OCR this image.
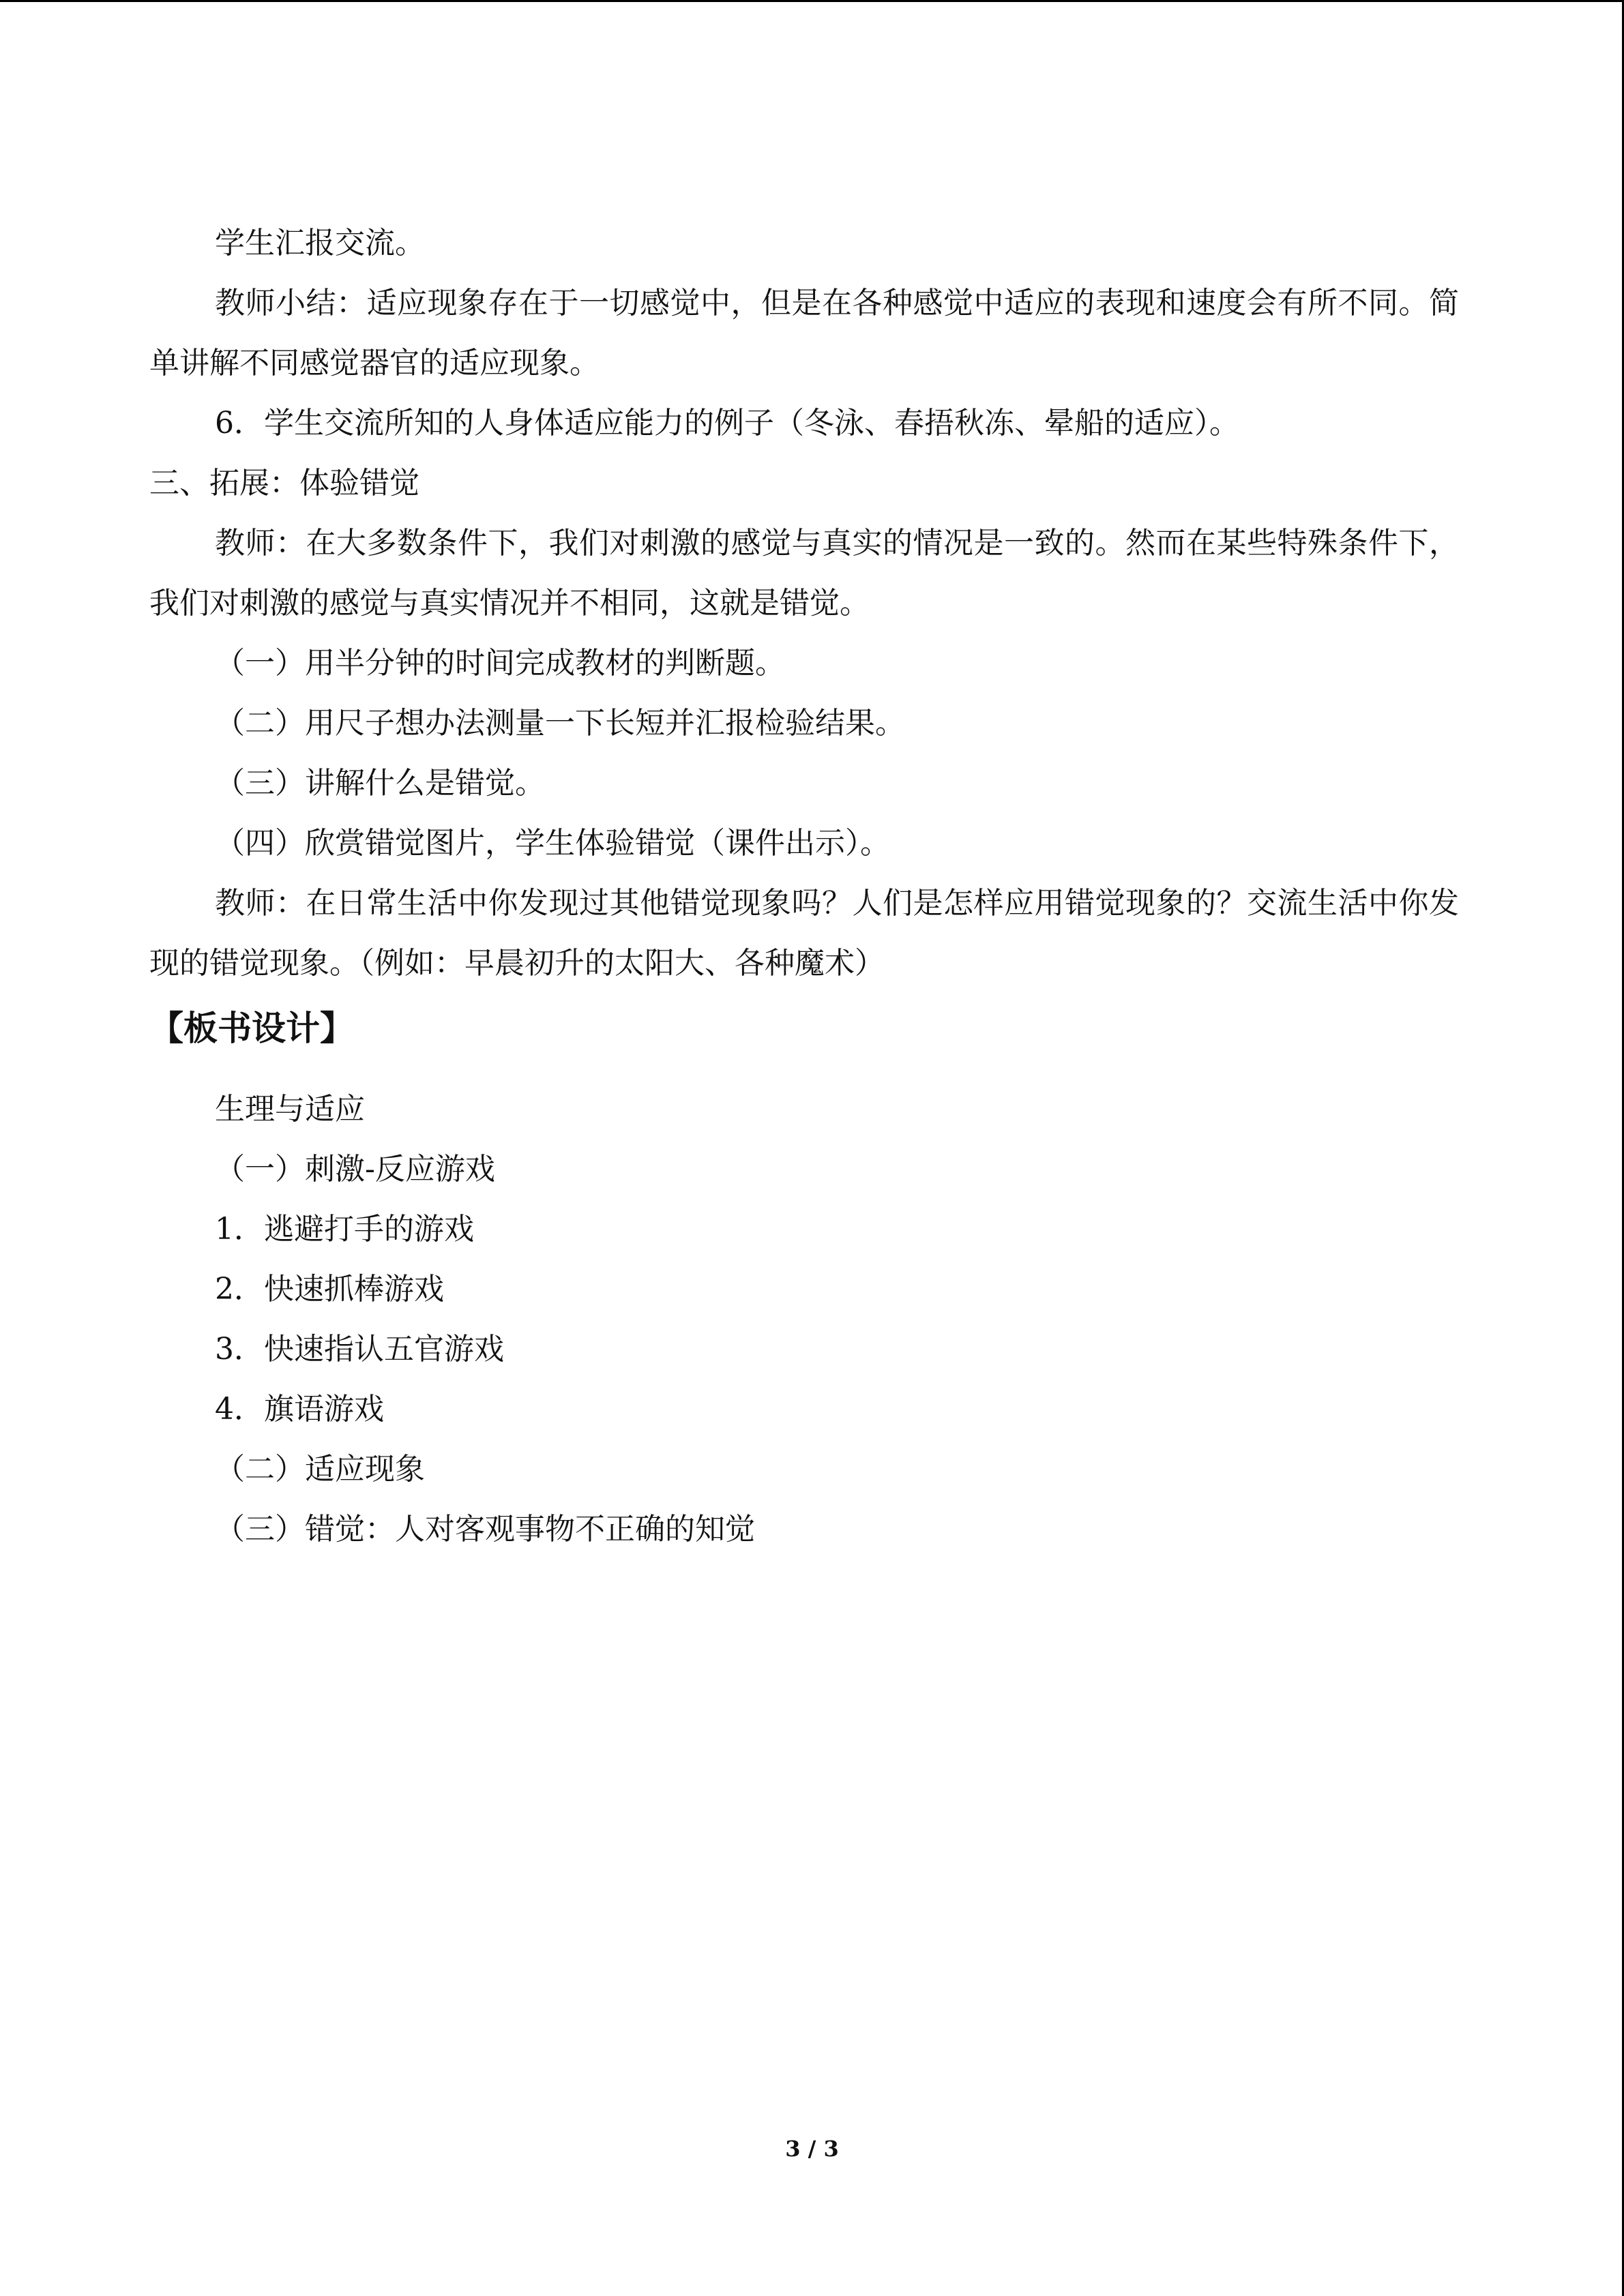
学生汇报交流。

教师小结：适应现象存在于一切感觉中，但是在各种感觉中适应的表现和速度会有所不同。简单讲解不同感觉器官的适应现象。

6．学生交流所知的人身体适应能力的例子（冬泳、春捂秋冻、晕船的适应）。

三、拓展：体验错觉

教师：在大多数条件下，我们对刺激的感觉与真实的情况是一致的。然而在某些特殊条件下，我们对刺激的感觉与真实情况并不相同，这就是错觉。

（一）用半分钟的时间完成教材的判断题。

（二）用尺子想办法测量一下长短并汇报检验结果。

（三）讲解什么是错觉。

（四）欣赏错觉图片，学生体验错觉（课件出示）。

教师：在日常生活中你发现过其他错觉现象吗？人们是怎样应用错觉现象的？交流生活中你发现的错觉现象。（例如：早晨初升的太阳大、各种魔术）

【板书设计】

生理与适应

（一）刺激-反应游戏

1．逃避打手的游戏

2．快速抓棒游戏

3．快速指认五官游戏

4．旗语游戏

（二）适应现象

（三）错觉：人对客观事物不正确的知觉

3 / 3
